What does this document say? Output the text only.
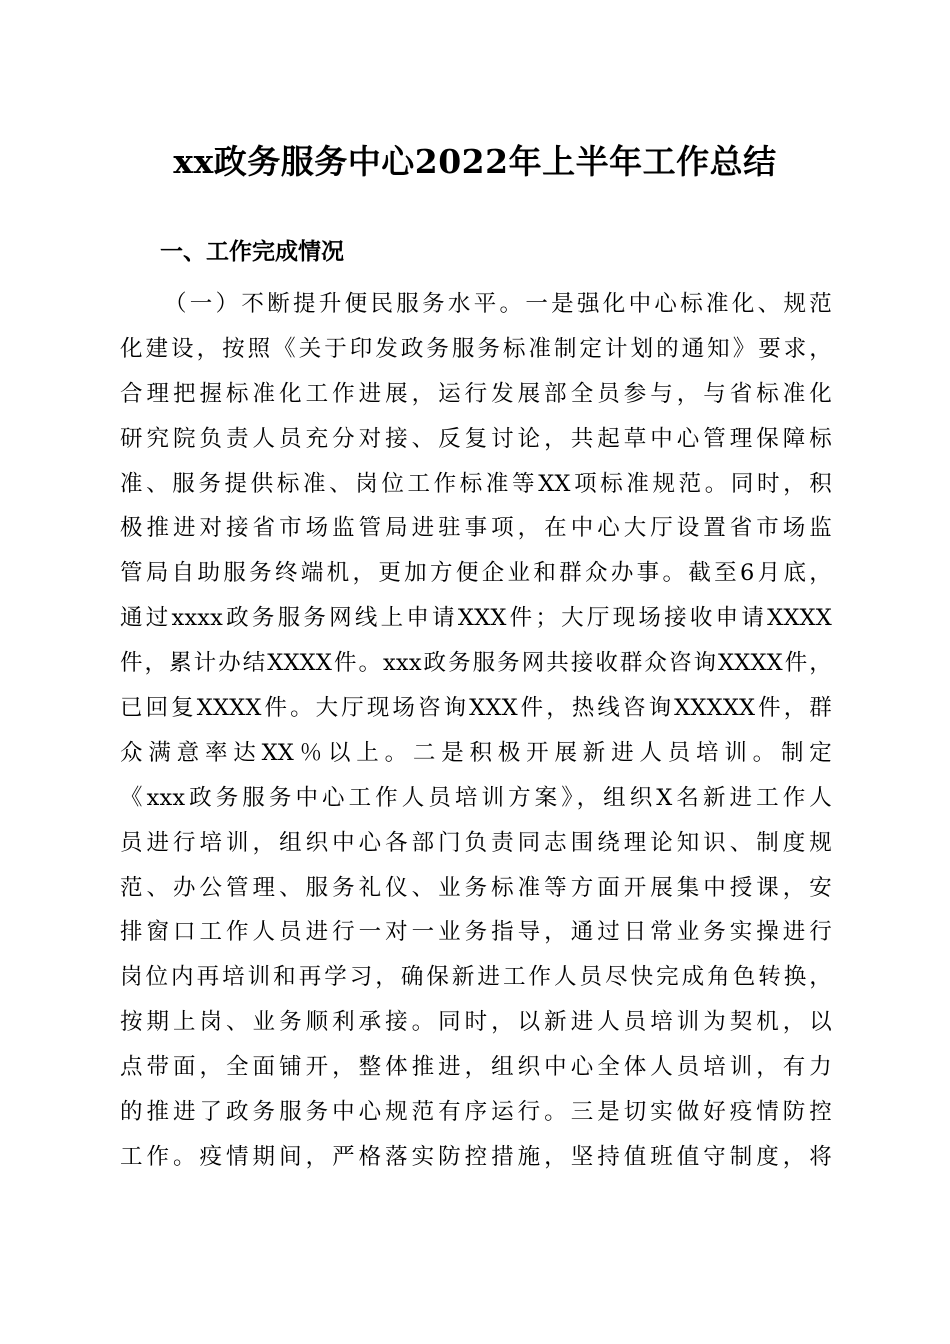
xx政务服务中心2022年上半年工作总结
一、工作完成情况
（一）不断提升便民服务水平。一是强化中心标准化、规范
化建设，按照《关于印发政务服务标准制定计划的通知》要求，
合理把握标准化工作进展，运行发展部全员参与，与省标准化
研究院负责人员充分对接、反复讨论，共起草中心管理保障标
准、服务提供标准、岗位工作标准等XX项标准规范。同时，积
极推进对接省市场监管局进驻事项，在中心大厅设置省市场监
管局自助服务终端机，更加方便企业和群众办事。截至6月底，
通过xxxx政务服务网线上申请XXX件；大厅现场接收申请XXXX
件，累计办结XXXX件。xxx政务服务网共接收群众咨询XXXX件，
已回复XXXX件。大厅现场咨询XXX件，热线咨询XXXXX件，群
众满意率达XX％以上。二是积极开展新进人员培训。制定
《xxx政务服务中心工作人员培训方案》，组织X名新进工作人
员进行培训，组织中心各部门负责同志围绕理论知识、制度规
范、办公管理、服务礼仪、业务标准等方面开展集中授课，安
排窗口工作人员进行一对一业务指导，通过日常业务实操进行
岗位内再培训和再学习，确保新进工作人员尽快完成角色转换，
按期上岗、业务顺利承接。同时，以新进人员培训为契机，以
点带面，全面铺开，整体推进，组织中心全体人员培训，有力
的推进了政务服务中心规范有序运行。三是切实做好疫情防控
工作。疫情期间，严格落实防控措施，坚持值班值守制度，将
